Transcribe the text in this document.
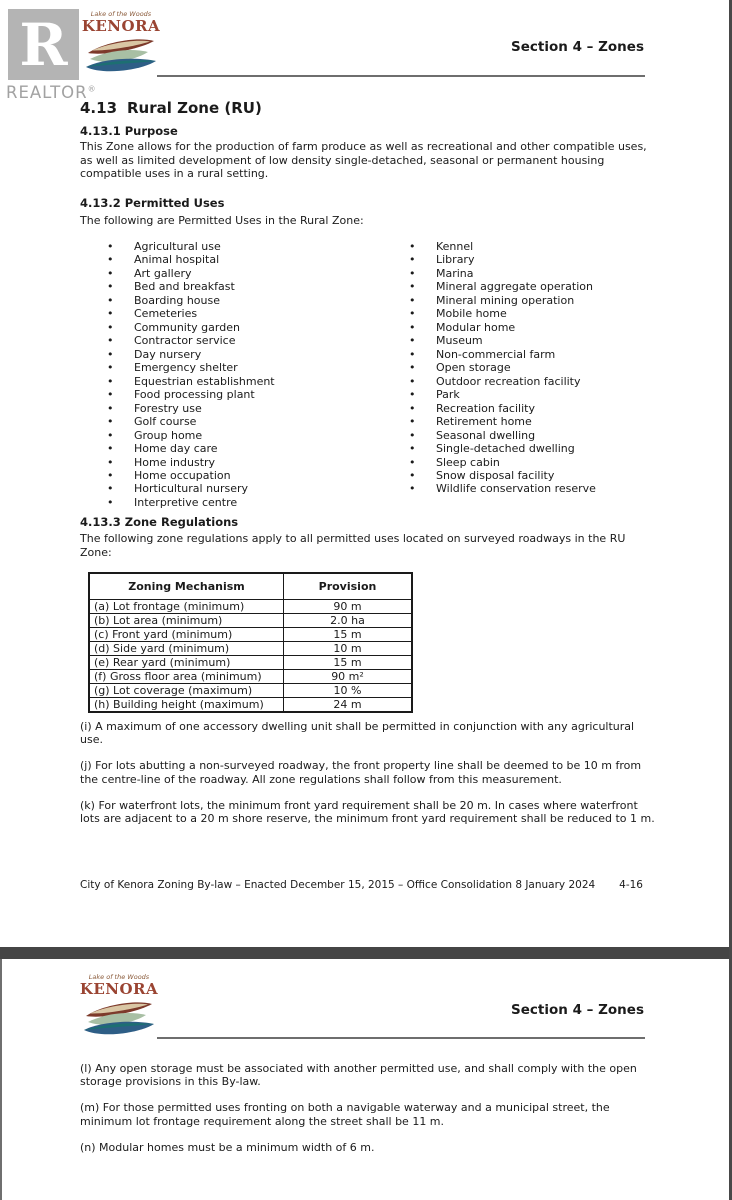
R
REALTOR®
Lake of the Woods
KENORA
Section 4 – Zones
4.13 Rural Zone (RU)
4.13.1 Purpose
This Zone allows for the production of farm produce as well as recreational and other compatible uses, as well as limited development of low density single-detached, seasonal or permanent housing compatible uses in a rural setting.
4.13.2 Permitted Uses
The following are Permitted Uses in the Rural Zone:
• Agricultural use
• Animal hospital
• Art gallery
• Bed and breakfast
• Boarding house
• Cemeteries
• Community garden
• Contractor service
• Day nursery
• Emergency shelter
• Equestrian establishment
• Food processing plant
• Forestry use
• Golf course
• Group home
• Home day care
• Home industry
• Home occupation
• Horticultural nursery
• Interpretive centre
• Kennel
• Library
• Marina
• Mineral aggregate operation
• Mineral mining operation
• Mobile home
• Modular home
• Museum
• Non-commercial farm
• Open storage
• Outdoor recreation facility
• Park
• Recreation facility
• Retirement home
• Seasonal dwelling
• Single-detached dwelling
• Sleep cabin
• Snow disposal facility
• Wildlife conservation reserve
4.13.3 Zone Regulations
The following zone regulations apply to all permitted uses located on surveyed roadways in the RU Zone:
Zoning Mechanism	Provision
(a) Lot frontage (minimum)	90 m
(b) Lot area (minimum)	2.0 ha
(c) Front yard (minimum)	15 m
(d) Side yard (minimum)	10 m
(e) Rear yard (minimum)	15 m
(f) Gross floor area (minimum)	90 m²
(g) Lot coverage (maximum)	10 %
(h) Building height (maximum)	24 m

(i) A maximum of one accessory dwelling unit shall be permitted in conjunction with any agricultural use.

(j) For lots abutting a non-surveyed roadway, the front property line shall be deemed to be 10 m from the centre-line of the roadway. All zone regulations shall follow from this measurement.

(k) For waterfront lots, the minimum front yard requirement shall be 20 m. In cases where waterfront lots are adjacent to a 20 m shore reserve, the minimum front yard requirement shall be reduced to 1 m.

City of Kenora Zoning By-law – Enacted December 15, 2015 – Office Consolidation 8 January 2024 4-16
Lake of the Woods
KENORA
Section 4 – Zones

(l) Any open storage must be associated with another permitted use, and shall comply with the open storage provisions in this By-law.

(m) For those permitted uses fronting on both a navigable waterway and a municipal street, the minimum lot frontage requirement along the street shall be 11 m.

(n) Modular homes must be a minimum width of 6 m.
